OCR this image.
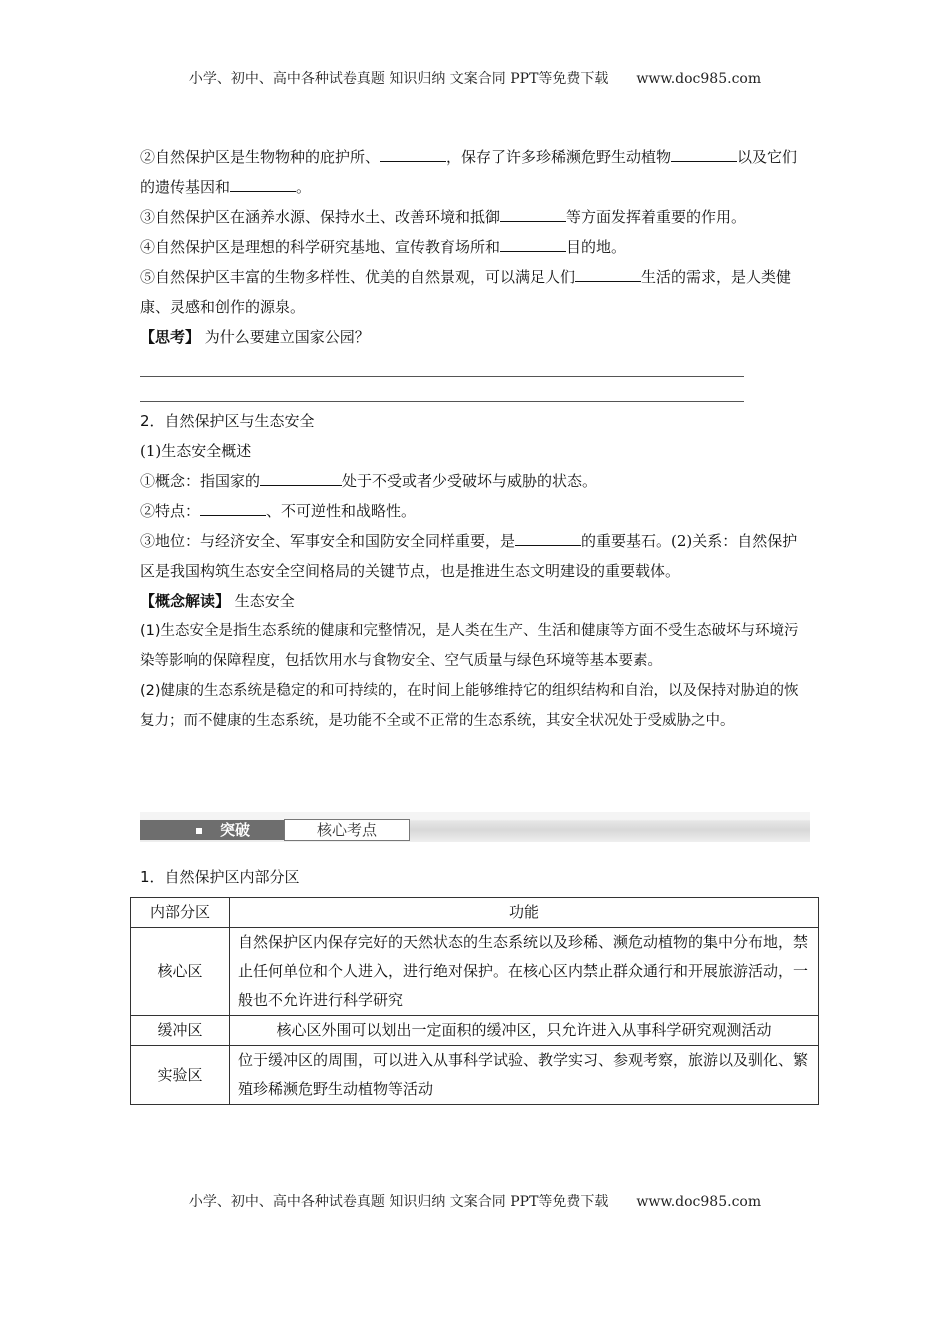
小学、初中、高中各种试卷真题 知识归纳 文案合同 PPT等免费下载 www.doc985.com

②自然保护区是生物物种的庇护所、	，保存了许多珍稀濒危野生动植物	以及它们的遗传基因和	。

③自然保护区在涵养水源、保持水土、改善环境和抵御	等方面发挥着重要的作用。

④自然保护区是理想的科学研究基地、宣传教育场所和	目的地。

⑤自然保护区丰富的生物多样性、优美的自然景观，可以满足人们	生活的需求，是人类健康、灵感和创作的源泉。

【思考】 为什么要建立国家公园？

2．自然保护区与生态安全

(1)生态安全概述

①概念：指国家的	处于不受或者少受破坏与威胁的状态。

②特点：	、不可逆性和战略性。

③地位：与经济安全、军事安全和国防安全同样重要，是	的重要基石。(2)关系：自然保护区是我国构筑生态安全空间格局的关键节点，也是推进生态文明建设的重要载体。

【概念解读】 生态安全

(1)生态安全是指生态系统的健康和完整情况，是人类在生产、生活和健康等方面不受生态破坏与环境污染等影响的保障程度，包括饮用水与食物安全、空气质量与绿色环境等基本要素。

(2)健康的生态系统是稳定的和可持续的，在时间上能够维持它的组织结构和自治，以及保持对胁迫的恢复力；而不健康的生态系统，是功能不全或不正常的生态系统，其安全状况处于受威胁之中。

突破	核心考点

1．自然保护区内部分区

内部分区	功能
核心区	自然保护区内保存完好的天然状态的生态系统以及珍稀、濒危动植物的集中分布地，禁止任何单位和个人进入，进行绝对保护。在核心区内禁止群众通行和开展旅游活动，一般也不允许进行科学研究
缓冲区	核心区外围可以划出一定面积的缓冲区，只允许进入从事科学研究观测活动
实验区	位于缓冲区的周围，可以进入从事科学试验、教学实习、参观考察，旅游以及驯化、繁殖珍稀濒危野生动植物等活动
小学、初中、高中各种试卷真题 知识归纳 文案合同 PPT等免费下载 www.doc985.com
